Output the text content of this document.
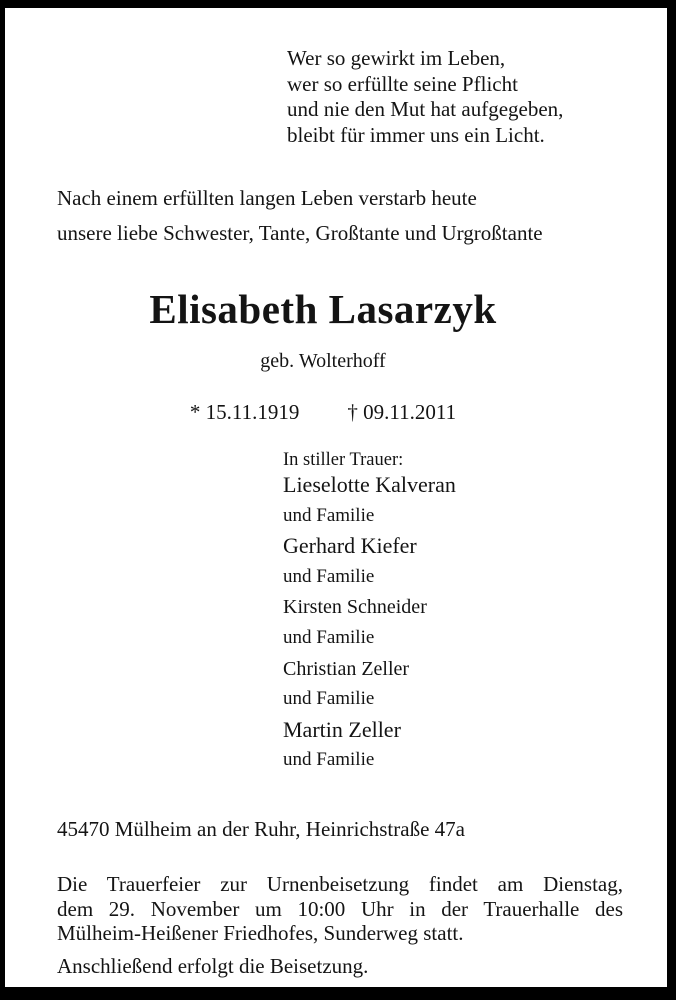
Wer so gewirkt im Leben,
wer so erfüllte seine Pflicht
und nie den Mut hat aufgegeben,
bleibt für immer uns ein Licht.
Nach einem erfüllten langen Leben verstarb heute
unsere liebe Schwester, Tante, Großtante und Urgroßtante
Elisabeth Lasarzyk
geb. Wolterhoff
* 15.11.1919 † 09.11.2011
In stiller Trauer:
Lieselotte Kalveran
und Familie
Gerhard Kiefer
und Familie
Kirsten Schneider
und Familie
Christian Zeller
und Familie
Martin Zeller
und Familie
45470 Mülheim an der Ruhr, Heinrichstraße 47a
Die Trauerfeier zur Urnenbeisetzung findet am Dienstag,
dem 29. November um 10:00 Uhr in der Trauerhalle des
Mülheim-Heißener Friedhofes, Sunderweg statt.
Anschließend erfolgt die Beisetzung.
